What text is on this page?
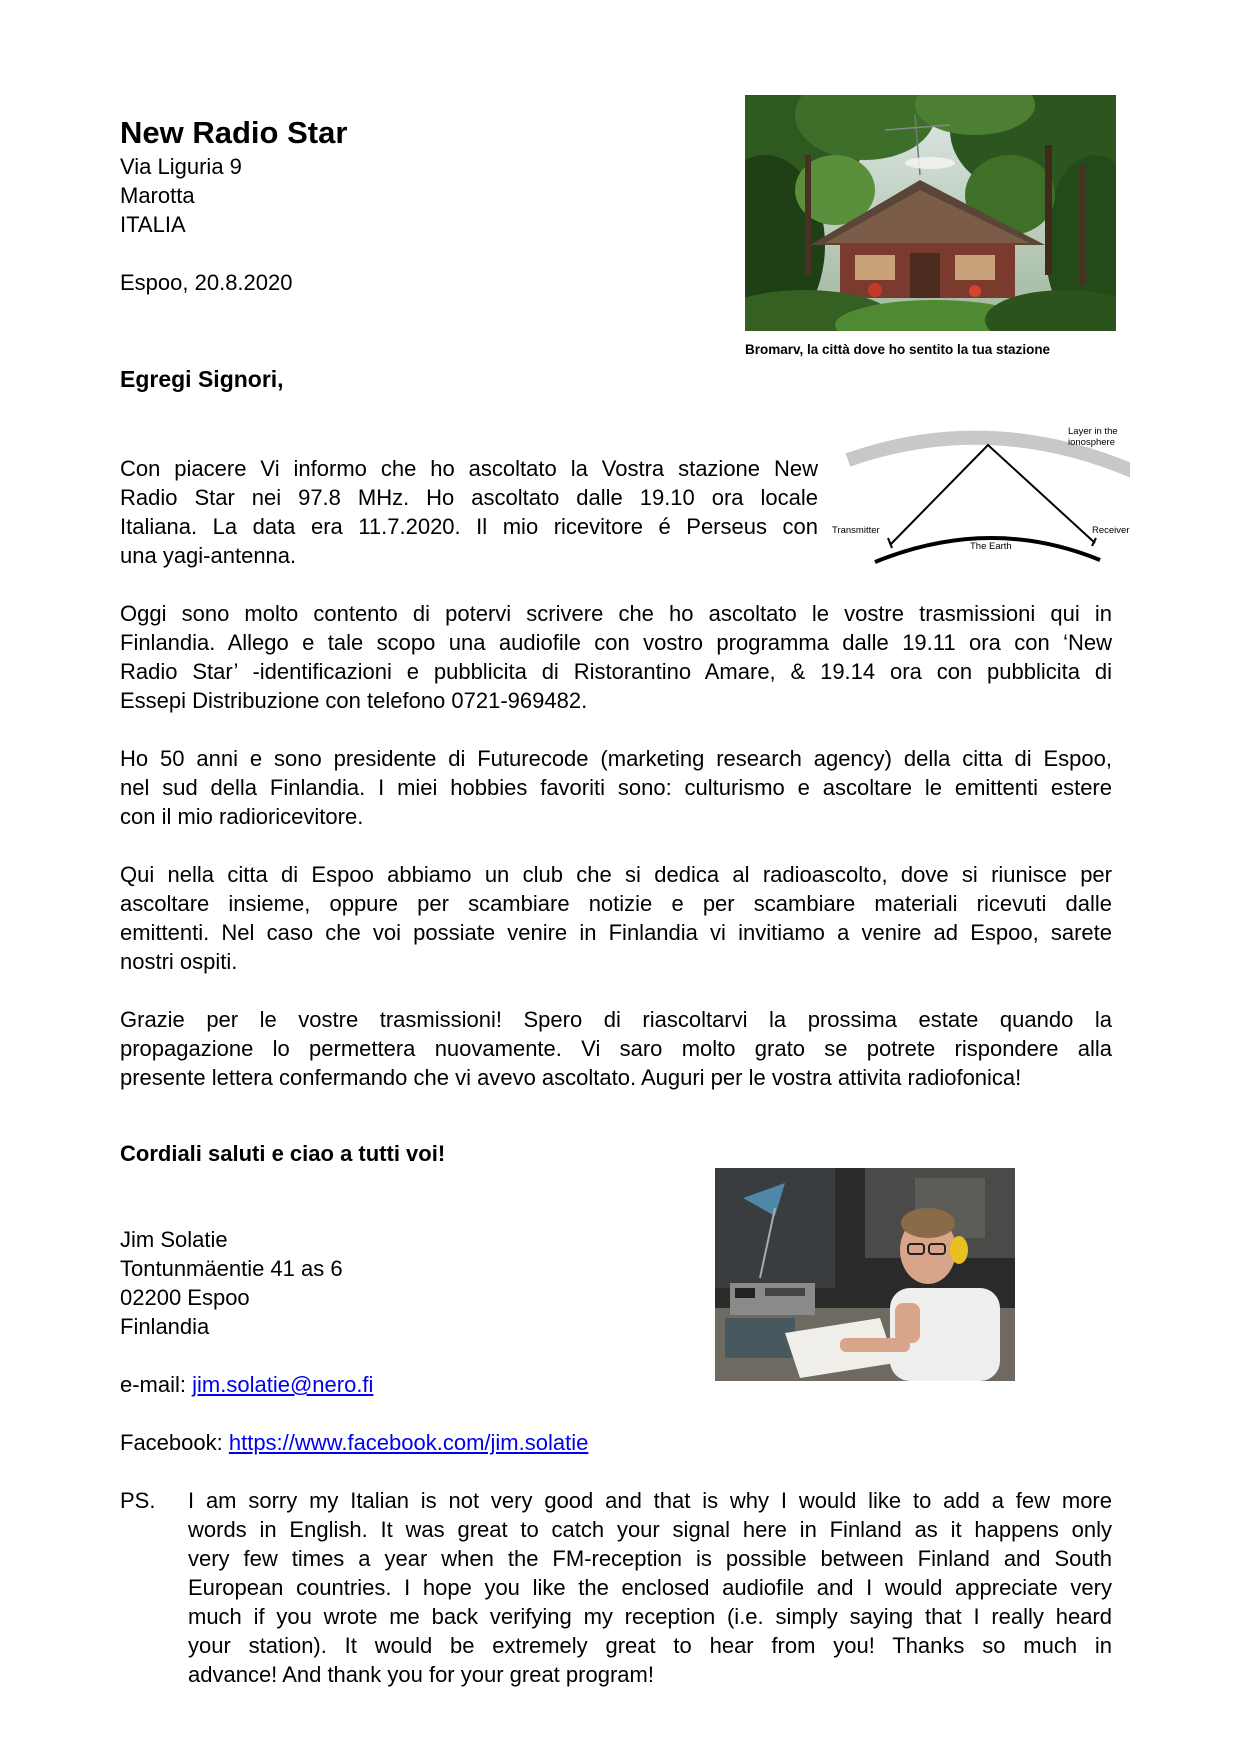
New Radio Star
Via Liguria 9
Marotta
ITALIA
Espoo, 20.8.2020
Bromarv, la città dove ho sentito la tua stazione
Egregi Signori,
Layer in the
ionosphere
Transmitter	Receiver
The Earth
Con piacere Vi informo che ho ascoltato la Vostra stazione New
Radio Star nei 97.8 MHz. Ho ascoltato dalle 19.10 ora locale
Italiana. La data era 11.7.2020. Il mio ricevitore é Perseus con
una yagi-antenna.
Oggi sono molto contento di potervi scrivere che ho ascoltato le vostre trasmissioni qui in
Finlandia. Allego e tale scopo una audiofile con vostro programma dalle 19.11 ora con ‘New
Radio Star’ -identificazioni e pubblicita di Ristorantino Amare, & 19.14 ora con pubblicita di
Essepi Distribuzione con telefono 0721-969482.
Ho 50 anni e sono presidente di Futurecode (marketing research agency) della citta di Espoo,
nel sud della Finlandia. I miei hobbies favoriti sono: culturismo e ascoltare le emittenti estere
con il mio radioricevitore.
Qui nella citta di Espoo abbiamo un club che si dedica al radioascolto, dove si riunisce per
ascoltare insieme, oppure per scambiare notizie e per scambiare materiali ricevuti dalle
emittenti. Nel caso che voi possiate venire in Finlandia vi invitiamo a venire ad Espoo, sarete
nostri ospiti.
Grazie per le vostre trasmissioni! Spero di riascoltarvi la prossima estate quando la
propagazione lo permettera nuovamente. Vi saro molto grato se potrete rispondere alla
presente lettera confermando che vi avevo ascoltato. Auguri per le vostra attivita radiofonica!
Cordiali saluti e ciao a tutti voi!
Jim Solatie
Tontunmäentie 41 as 6
02200 Espoo
Finlandia
e-mail: jim.solatie@nero.fi
Facebook: https://www.facebook.com/jim.solatie
PS. I am sorry my Italian is not very good and that is why I would like to add a few more
words in English. It was great to catch your signal here in Finland as it happens only
very few times a year when the FM-reception is possible between Finland and South
European countries. I hope you like the enclosed audiofile and I would appreciate very
much if you wrote me back verifying my reception (i.e. simply saying that I really heard
your station). It would be extremely great to hear from you! Thanks so much in
advance! And thank you for your great program!
